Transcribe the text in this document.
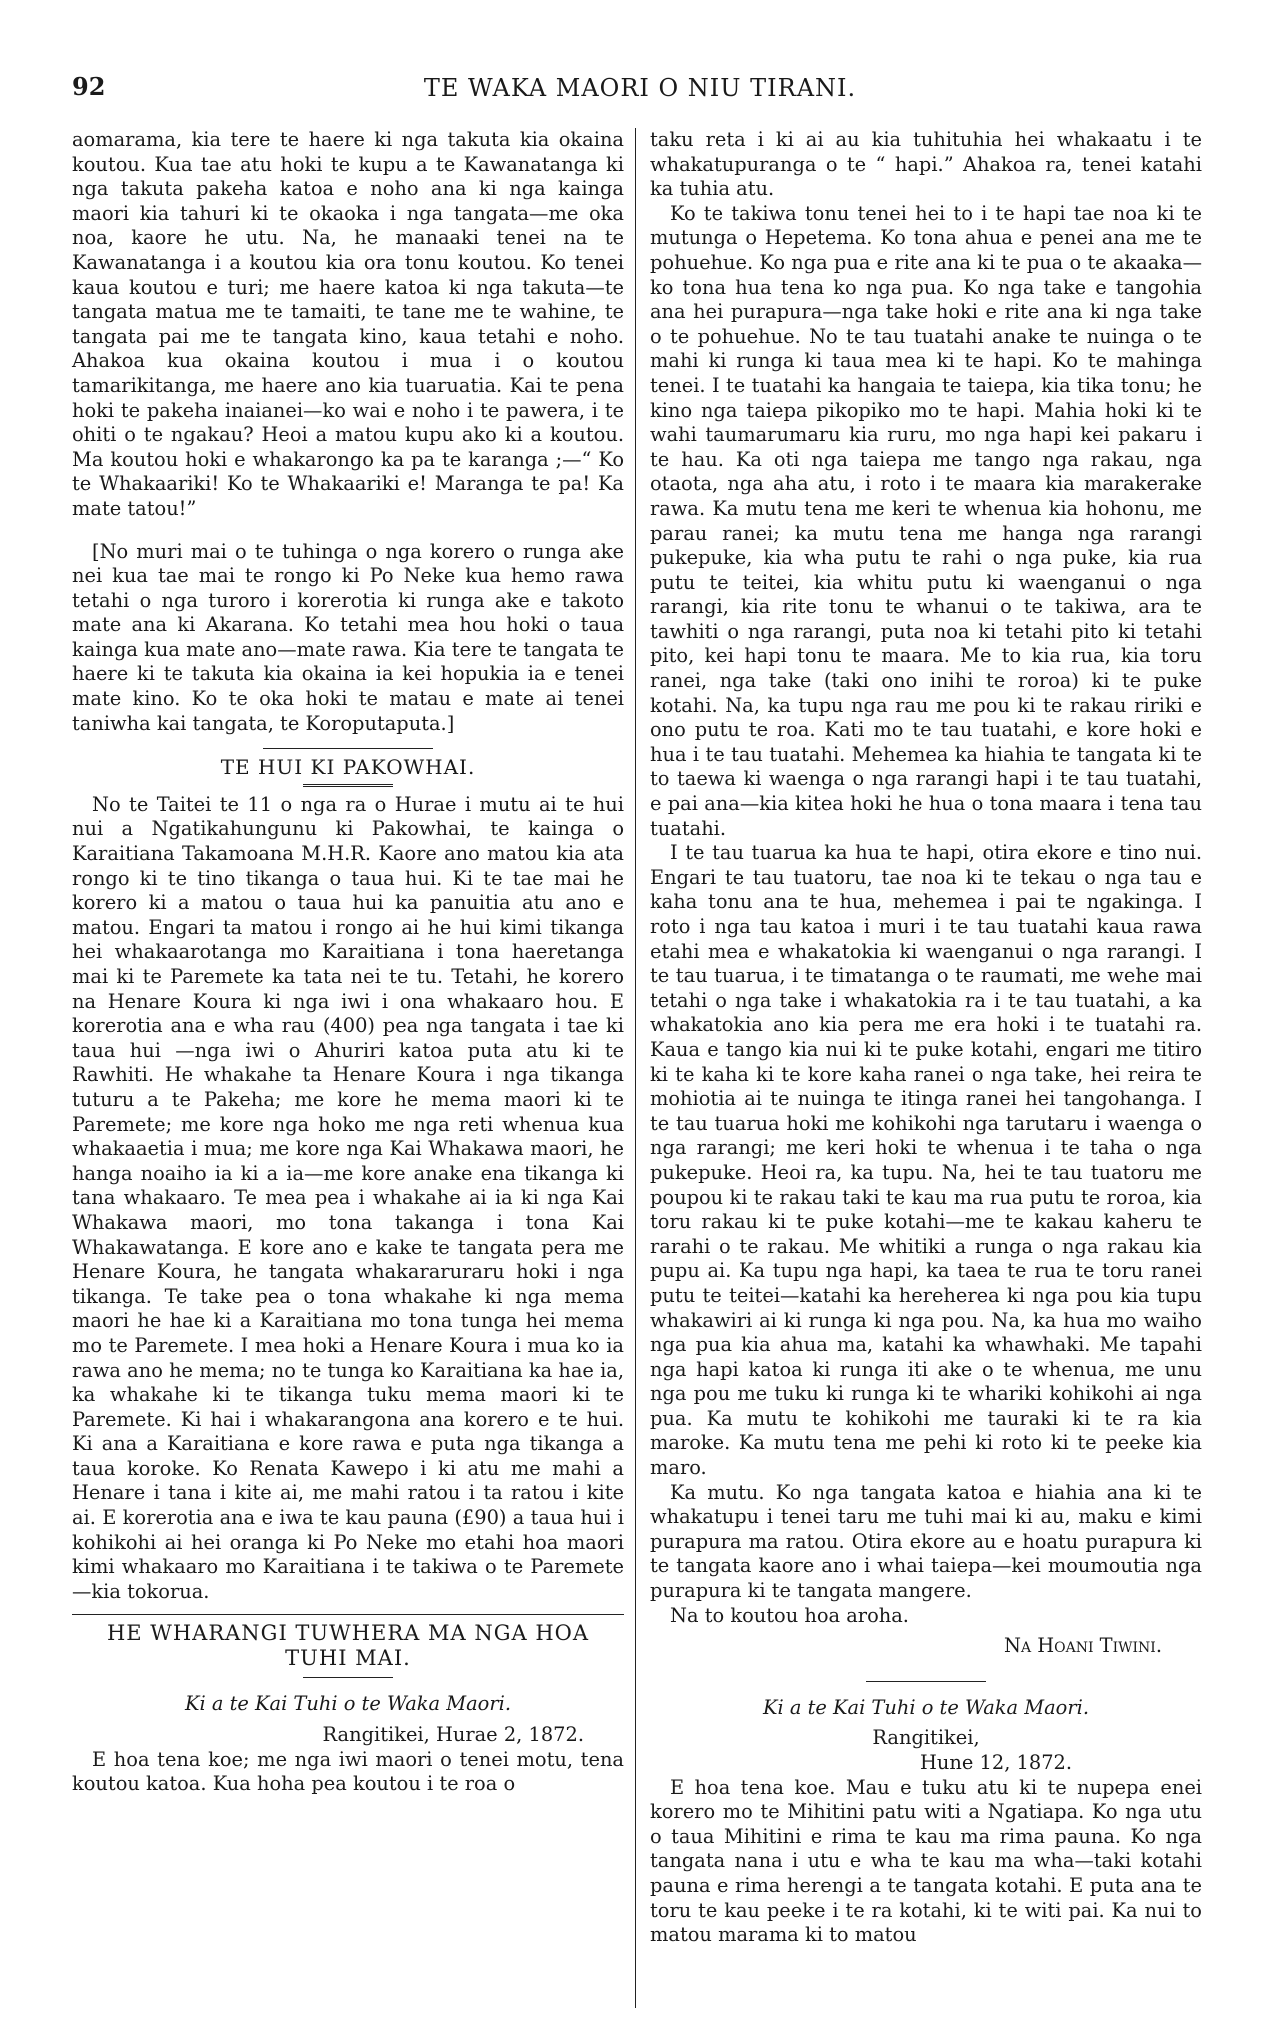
92	TE WAKA MAORI O NIU TIRANI.

aomarama, kia tere te haere ki nga takuta kia okaina koutou. Kua tae atu hoki te kupu a te Kawanatanga ki nga takuta pakeha katoa e noho ana ki nga kainga maori kia tahuri ki te okaoka i nga tangata—me oka noa, kaore he utu. Na, he manaaki tenei na te Kawanatanga i a koutou kia ora tonu koutou. Ko tenei kaua koutou e turi; me haere katoa ki nga takuta—te tangata matua me te tamaiti, te tane me te wahine, te tangata pai me te tangata kino, kaua tetahi e noho. Ahakoa kua okaina koutou i mua i o koutou tamarikitanga, me haere ano kia tuaruatia. Kai te pena hoki te pakeha inaianei—ko wai e noho i te pawera, i te ohiti o te ngakau? Heoi a matou kupu ako ki a koutou. Ma koutou hoki e whakarongo ka pa te karanga ;—“ Ko te Whakaariki! Ko te Whakaariki e! Maranga te pa! Ka mate tatou!”

[No muri mai o te tuhinga o nga korero o runga ake nei kua tae mai te rongo ki Po Neke kua hemo rawa tetahi o nga turoro i korerotia ki runga ake e takoto mate ana ki Akarana. Ko tetahi mea hou hoki o taua kainga kua mate ano—mate rawa. Kia tere te tangata te haere ki te takuta kia okaina ia kei hopukia ia e tenei mate kino. Ko te oka hoki te matau e mate ai tenei taniwha kai tangata, te Koroputaputa.]

TE HUI KI PAKOWHAI.

No te Taitei te 11 o nga ra o Hurae i mutu ai te hui nui a Ngatikahungunu ki Pakowhai, te kainga o Karaitiana Takamoana M.H.R. Kaore ano matou kia ata rongo ki te tino tikanga o taua hui. Ki te tae mai he korero ki a matou o taua hui ka panuitia atu ano e matou. Engari ta matou i rongo ai he hui kimi tikanga hei whakaarotanga mo Karaitiana i tona haeretanga mai ki te Paremete ka tata nei te tu. Tetahi, he korero na Henare Koura ki nga iwi i ona whakaaro hou. E korerotia ana e wha rau (400) pea nga tangata i tae ki taua hui —nga iwi o Ahuriri katoa puta atu ki te Rawhiti. He whakahe ta Henare Koura i nga tikanga tuturu a te Pakeha; me kore he mema maori ki te Paremete; me kore nga hoko me nga reti whenua kua whakaaetia i mua; me kore nga Kai Whakawa maori, he hanga noaiho ia ki a ia—me kore anake ena tikanga ki tana whakaaro. Te mea pea i whakahe ai ia ki nga Kai Whakawa maori, mo tona takanga i tona Kai Whakawatanga. E kore ano e kake te tangata pera me Henare Koura, he tangata whakararuraru hoki i nga tikanga. Te take pea o tona whakahe ki nga mema maori he hae ki a Karaitiana mo tona tunga hei mema mo te Paremete. I mea hoki a Henare Koura i mua ko ia rawa ano he mema; no te tunga ko Karaitiana ka hae ia, ka whakahe ki te tikanga tuku mema maori ki te Paremete. Ki hai i whakarangona ana korero e te hui. Ki ana a Karaitiana e kore rawa e puta nga tikanga a taua koroke. Ko Renata Kawepo i ki atu me mahi a Henare i tana i kite ai, me mahi ratou i ta ratou i kite ai. E korerotia ana e iwa te kau pauna (£90) a taua hui i kohikohi ai hei oranga ki Po Neke mo etahi hoa maori kimi whakaaro mo Karaitiana i te takiwa o te Paremete—kia tokorua.

HE WHARANGI TUWHERA MA NGA HOA TUHI MAI.

Ki a te Kai Tuhi o te Waka Maori.

Rangitikei, Hurae 2, 1872.

E hoa tena koe; me nga iwi maori o tenei motu, tena koutou katoa. Kua hoha pea koutou i te roa o

taku reta i ki ai au kia tuhituhia hei whakaatu i te whakatupuranga o te “ hapi.” Ahakoa ra, tenei katahi ka tuhia atu.

Ko te takiwa tonu tenei hei to i te hapi tae noa ki te mutunga o Hepetema. Ko tona ahua e penei ana me te pohuehue. Ko nga pua e rite ana ki te pua o te akaaka—ko tona hua tena ko nga pua. Ko nga take e tangohia ana hei purapura—nga take hoki e rite ana ki nga take o te pohuehue. No te tau tuatahi anake te nuinga o te mahi ki runga ki taua mea ki te hapi. Ko te mahinga tenei. I te tuatahi ka hangaia te taiepa, kia tika tonu; he kino nga taiepa pikopiko mo te hapi. Mahia hoki ki te wahi taumarumaru kia ruru, mo nga hapi kei pakaru i te hau. Ka oti nga taiepa me tango nga rakau, nga otaota, nga aha atu, i roto i te maara kia marakerake rawa. Ka mutu tena me keri te whenua kia hohonu, me parau ranei; ka mutu tena me hanga nga rarangi pukepuke, kia wha putu te rahi o nga puke, kia rua putu te teitei, kia whitu putu ki waenganui o nga rarangi, kia rite tonu te whanui o te takiwa, ara te tawhiti o nga rarangi, puta noa ki tetahi pito ki tetahi pito, kei hapi tonu te maara. Me to kia rua, kia toru ranei, nga take (taki ono inihi te roroa) ki te puke kotahi. Na, ka tupu nga rau me pou ki te rakau ririki e ono putu te roa. Kati mo te tau tuatahi, e kore hoki e hua i te tau tuatahi. Mehemea ka hiahia te tangata ki te to taewa ki waenga o nga rarangi hapi i te tau tuatahi, e pai ana—kia kitea hoki he hua o tona maara i tena tau tuatahi.

I te tau tuarua ka hua te hapi, otira ekore e tino nui. Engari te tau tuatoru, tae noa ki te tekau o nga tau e kaha tonu ana te hua, mehemea i pai te ngakinga. I roto i nga tau katoa i muri i te tau tuatahi kaua rawa etahi mea e whakatokia ki waenganui o nga rarangi. I te tau tuarua, i te timatanga o te raumati, me wehe mai tetahi o nga take i whakatokia ra i te tau tuatahi, a ka whakatokia ano kia pera me era hoki i te tuatahi ra. Kaua e tango kia nui ki te puke kotahi, engari me titiro ki te kaha ki te kore kaha ranei o nga take, hei reira te mohiotia ai te nuinga te itinga ranei hei tangohanga. I te tau tuarua hoki me kohikohi nga tarutaru i waenga o nga rarangi; me keri hoki te whenua i te taha o nga pukepuke. Heoi ra, ka tupu. Na, hei te tau tuatoru me poupou ki te rakau taki te kau ma rua putu te roroa, kia toru rakau ki te puke kotahi—me te kakau kaheru te rarahi o te rakau. Me whitiki a runga o nga rakau kia pupu ai. Ka tupu nga hapi, ka taea te rua te toru ranei putu te teitei—katahi ka hereherea ki nga pou kia tupu whakawiri ai ki runga ki nga pou. Na, ka hua mo waiho nga pua kia ahua ma, katahi ka whawhaki. Me tapahi nga hapi katoa ki runga iti ake o te whenua, me unu nga pou me tuku ki runga ki te whariki kohikohi ai nga pua. Ka mutu te kohikohi me tauraki ki te ra kia maroke. Ka mutu tena me pehi ki roto ki te peeke kia maro.

Ka mutu. Ko nga tangata katoa e hiahia ana ki te whakatupu i tenei taru me tuhi mai ki au, maku e kimi purapura ma ratou. Otira ekore au e hoatu purapura ki te tangata kaore ano i whai taiepa—kei moumoutia nga purapura ki te tangata mangere.

Na to koutou hoa aroha.

Na Hoani Tiwini.

Ki a te Kai Tuhi o te Waka Maori.

Rangitikei,

Hune 12, 1872.

E hoa tena koe. Mau e tuku atu ki te nupepa enei korero mo te Mihitini patu witi a Ngatiapa. Ko nga utu o taua Mihitini e rima te kau ma rima pauna. Ko nga tangata nana i utu e wha te kau ma wha—taki kotahi pauna e rima herengi a te tangata kotahi. E puta ana te toru te kau peeke i te ra kotahi, ki te witi pai. Ka nui to matou marama ki to matou
